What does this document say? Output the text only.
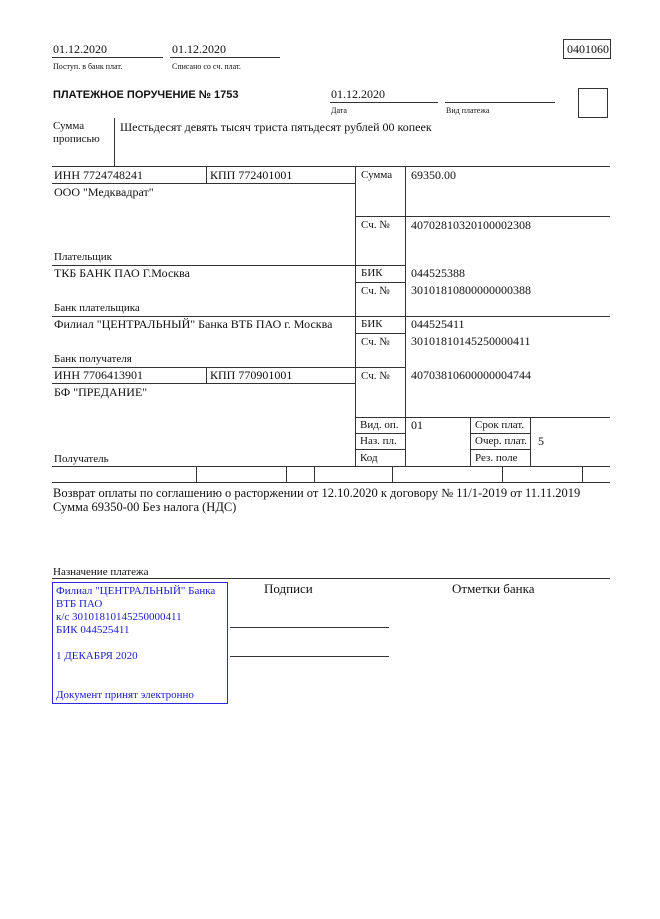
01.12.2020
Поступ. в банк плат.
01.12.2020
Списано со сч. плат.
0401060
ПЛАТЕЖНОЕ ПОРУЧЕНИЕ № 1753	01.12.2020
Дата	Вид платежа
Сумма
прописью
Шестьдесят девять тысяч триста пятьдесят рублей 00 копеек
ИНН 7724748241	КПП 772401001
ООО "Медквадрат"
Плательщик
Сумма 69350.00
Сч. № 40702810320100002308
ТКБ БАНК ПАО Г.Москва
Банк плательщика
БИК 044525388
Сч. № 30101810800000000388
Филиал "ЦЕНТРАЛЬНЫЙ" Банка ВТБ ПАО г. Москва
Банк получателя
БИК 044525411
Сч. № 30101810145250000411
ИНН 7706413901	КПП 770901001
БФ "ПРЕДАНИЕ"
Получатель
Сч. № 40703810600000004744
Вид. оп. 01
Наз. пл.
Код
Срок плат.
Очер. плат. 5
Рез. поле
Возврат оплаты по соглашению о расторжении от 12.10.2020 к договору № 11/1-2019 от 11.11.2019
Сумма 69350-00 Без налога (НДС)
Назначение платежа
Филиал "ЦЕНТРАЛЬНЫЙ" Банка
ВТБ ПАО
к/с 30101810145250000411
БИК 044525411
1 ДЕКАБРЯ 2020
Документ принят электронно
Подписи	Отметки банка
